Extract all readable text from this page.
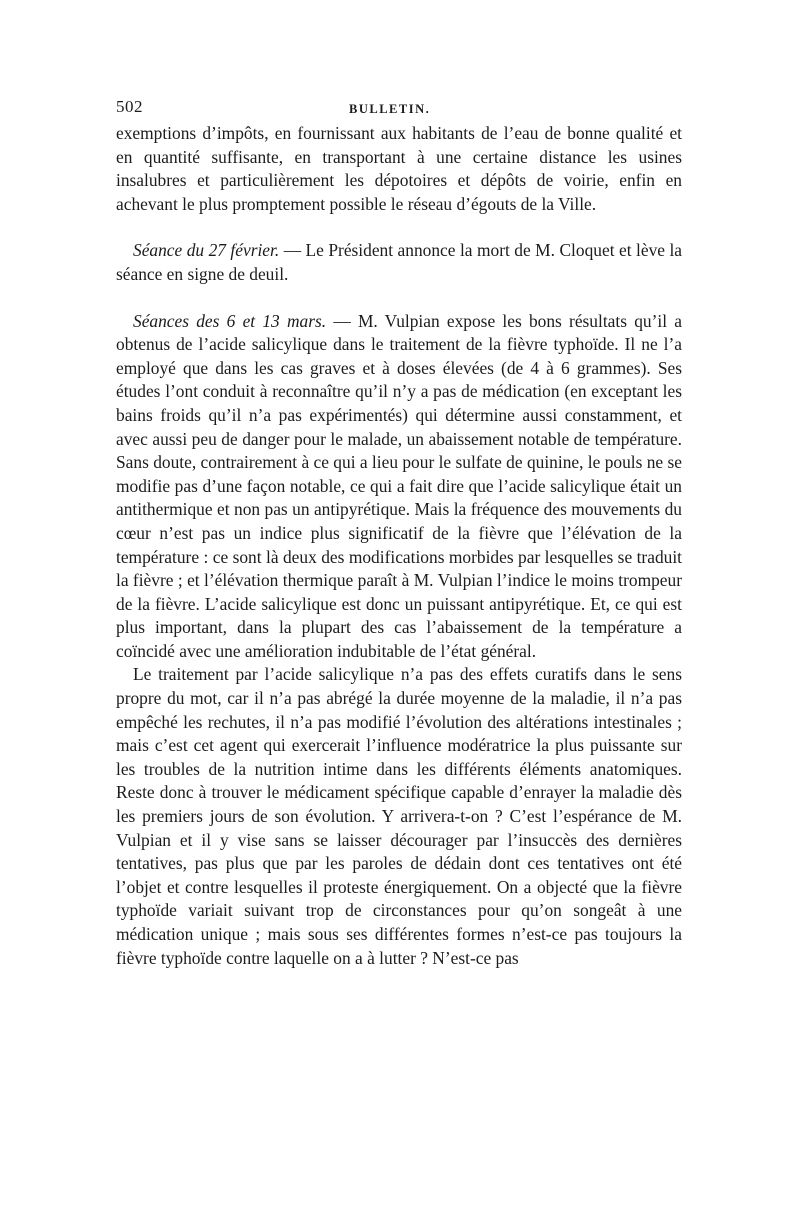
502	BULLETIN.

exemptions d’impôts, en fournissant aux habitants de l’eau de bonne qualité et en quantité suffisante, en transportant à une certaine distance les usines insalubres et particulièrement les dépotoires et dépôts de voirie, enfin en achevant le plus promptement possible le réseau d’égouts de la Ville.

Séance du 27 février. — Le Président annonce la mort de M. Cloquet et lève la séance en signe de deuil.

Séances des 6 et 13 mars. — M. Vulpian expose les bons résultats qu’il a obtenus de l’acide salicylique dans le traitement de la fièvre typhoïde. Il ne l’a employé que dans les cas graves et à doses élevées (de 4 à 6 grammes). Ses études l’ont conduit à reconnaître qu’il n’y a pas de médication (en exceptant les bains froids qu’il n’a pas expérimentés) qui détermine aussi constamment, et avec aussi peu de danger pour le malade, un abaissement notable de température. Sans doute, contrairement à ce qui a lieu pour le sulfate de quinine, le pouls ne se modifie pas d’une façon notable, ce qui a fait dire que l’acide salicylique était un antithermique et non pas un antipyrétique. Mais la fréquence des mouvements du cœur n’est pas un indice plus significatif de la fièvre que l’élévation de la température : ce sont là deux des modifications morbides par lesquelles se traduit la fièvre ; et l’élévation thermique paraît à M. Vulpian l’indice le moins trompeur de la fièvre. L’acide salicylique est donc un puissant antipyrétique. Et, ce qui est plus important, dans la plupart des cas l’abaissement de la température a coïncidé avec une amélioration indubitable de l’état général.

Le traitement par l’acide salicylique n’a pas des effets curatifs dans le sens propre du mot, car il n’a pas abrégé la durée moyenne de la maladie, il n’a pas empêché les rechutes, il n’a pas modifié l’évolution des altérations intestinales ; mais c’est cet agent qui exercerait l’influence modératrice la plus puissante sur les troubles de la nutrition intime dans les différents éléments anatomiques. Reste donc à trouver le médicament spécifique capable d’enrayer la maladie dès les premiers jours de son évolution. Y arrivera-t-on ? C’est l’espérance de M. Vulpian et il y vise sans se laisser décourager par l’insuccès des dernières tentatives, pas plus que par les paroles de dédain dont ces tentatives ont été l’objet et contre lesquelles il proteste énergiquement. On a objecté que la fièvre typhoïde variait suivant trop de circonstances pour qu’on songeât à une médication unique ; mais sous ses différentes formes n’est-ce pas toujours la fièvre typhoïde contre laquelle on a à lutter ? N’est-ce pas
